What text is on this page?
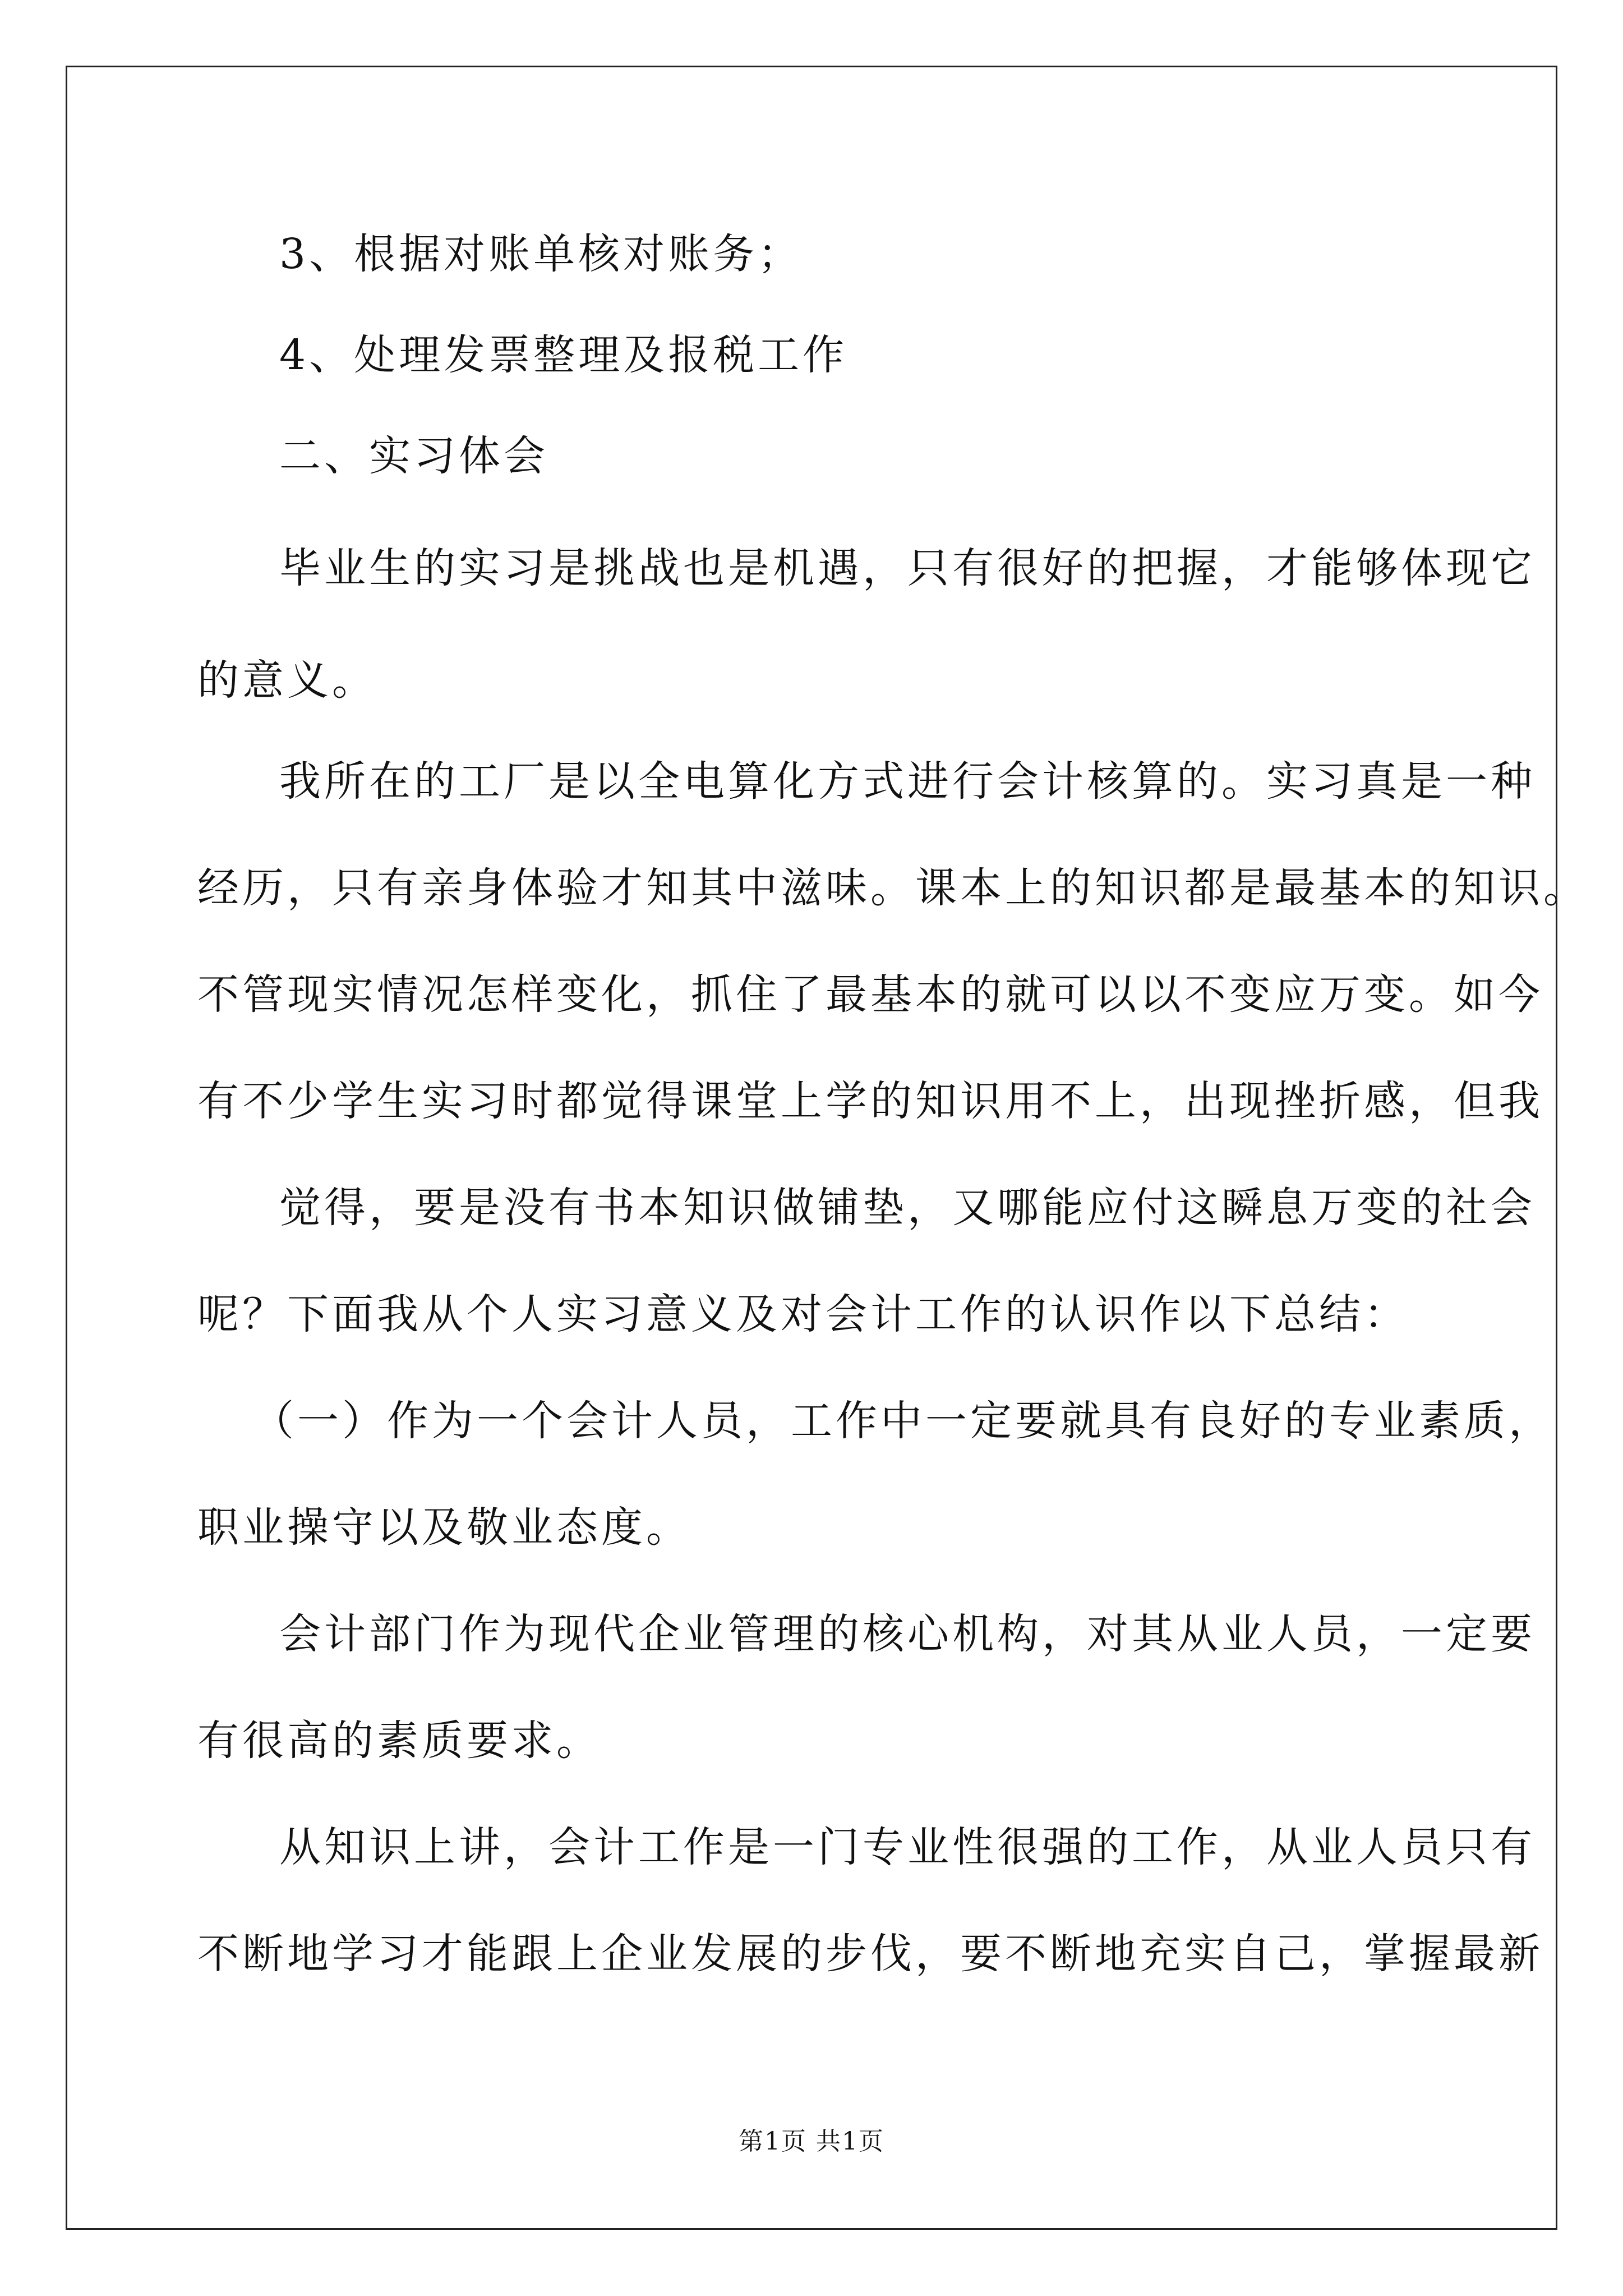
3、根据对账单核对账务；
4、处理发票整理及报税工作
二、实习体会
毕业生的实习是挑战也是机遇，只有很好的把握，才能够体现它
的意义。
我所在的工厂是以全电算化方式进行会计核算的。实习真是一种
经历，只有亲身体验才知其中滋味。课本上的知识都是最基本的知识。
不管现实情况怎样变化，抓住了最基本的就可以以不变应万变。如今
有不少学生实习时都觉得课堂上学的知识用不上，出现挫折感，但我
觉得，要是没有书本知识做铺垫，又哪能应付这瞬息万变的社会
呢？下面我从个人实习意义及对会计工作的认识作以下总结：
（一）作为一个会计人员，工作中一定要就具有良好的专业素质，
职业操守以及敬业态度。
会计部门作为现代企业管理的核心机构，对其从业人员，一定要
有很高的素质要求。
从知识上讲，会计工作是一门专业性很强的工作，从业人员只有
不断地学习才能跟上企业发展的步伐，要不断地充实自己，掌握最新
第1页 共1页
